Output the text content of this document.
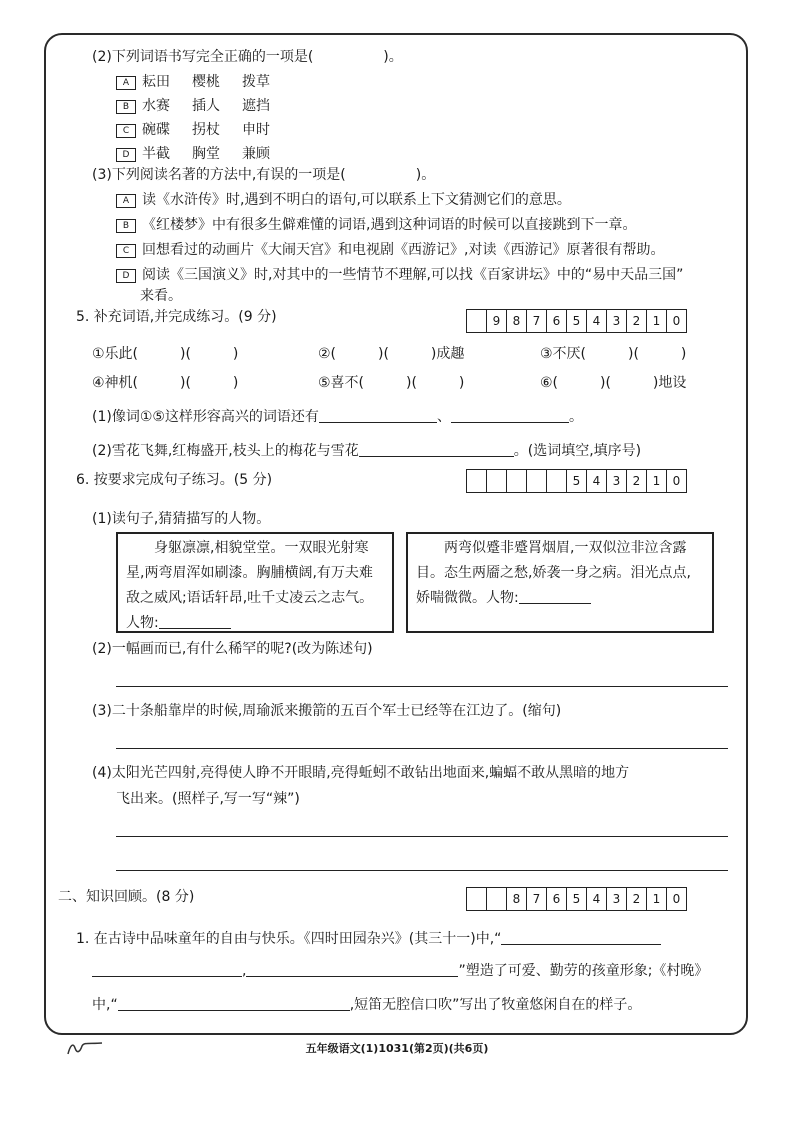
(2)下列词语书写完全正确的一项是(　　　　　)。
A 耘田 樱桃 拨草
B 水赛 插人 遮挡
C 碗碟 拐杖 申时
D 半截 胸堂 兼顾
(3)下列阅读名著的方法中,有误的一项是(　　　　　)。
A 读《水浒传》时,遇到不明白的语句,可以联系上下文猜测它们的意思。
B 《红楼梦》中有很多生僻难懂的词语,遇到这种词语的时候可以直接跳到下一章。
C 回想看过的动画片《大闹天宫》和电视剧《西游记》,对读《西游记》原著很有帮助。
D 阅读《三国演义》时,对其中的一些情节不理解,可以找《百家讲坛》中的“易中天品三国”
来看。
5. 补充词语,并完成练习。(9 分)	9	8	7	6	5	4	3	2	1	0
①乐此(　　　)(　　　)	②(　　　)(　　　)成趣	③不厌(　　　)(　　　)
④神机(　　　)(　　　)	⑤喜不(　　　)(　　　)	⑥(　　　)(　　　)地设
(1)像词①⑤这样形容高兴的词语还有	、	。
(2)雪花飞舞,红梅盛开,枝头上的梅花与雪花	。(选词填空,填序号)
6. 按要求完成句子练习。(5 分)	5	4	3	2	1	0
(1)读句子,猜猜描写的人物。
　　身躯凛凛,相貌堂堂。一双眼光射寒星,两弯眉浑如刷漆。胸脯横阔,有万夫难敌之威风;语话轩昂,吐千丈凌云之志气。　人物:
　　两弯似蹙非蹙罥烟眉,一双似泣非泣含露目。态生两靥之愁,娇袭一身之病。泪光点点,娇喘微微。人物:
(2)一幅画而已,有什么稀罕的呢?(改为陈述句)
(3)二十条船靠岸的时候,周瑜派来搬箭的五百个军士已经等在江边了。(缩句)
(4)太阳光芒四射,亮得使人睁不开眼睛,亮得蚯蚓不敢钻出地面来,蝙蝠不敢从黑暗的地方
飞出来。(照样子,写一写“辣”)
二、知识回顾。(8 分)	8	7	6	5	4	3	2	1	0
1. 在古诗中品味童年的自由与快乐。《四时田园杂兴》(其三十一)中,“
,	”塑造了可爱、勤劳的孩童形象;《村晚》
中,“	,短笛无腔信口吹”写出了牧童悠闲自在的样子。
五年级语文(1)1031(第2页)(共6页)
